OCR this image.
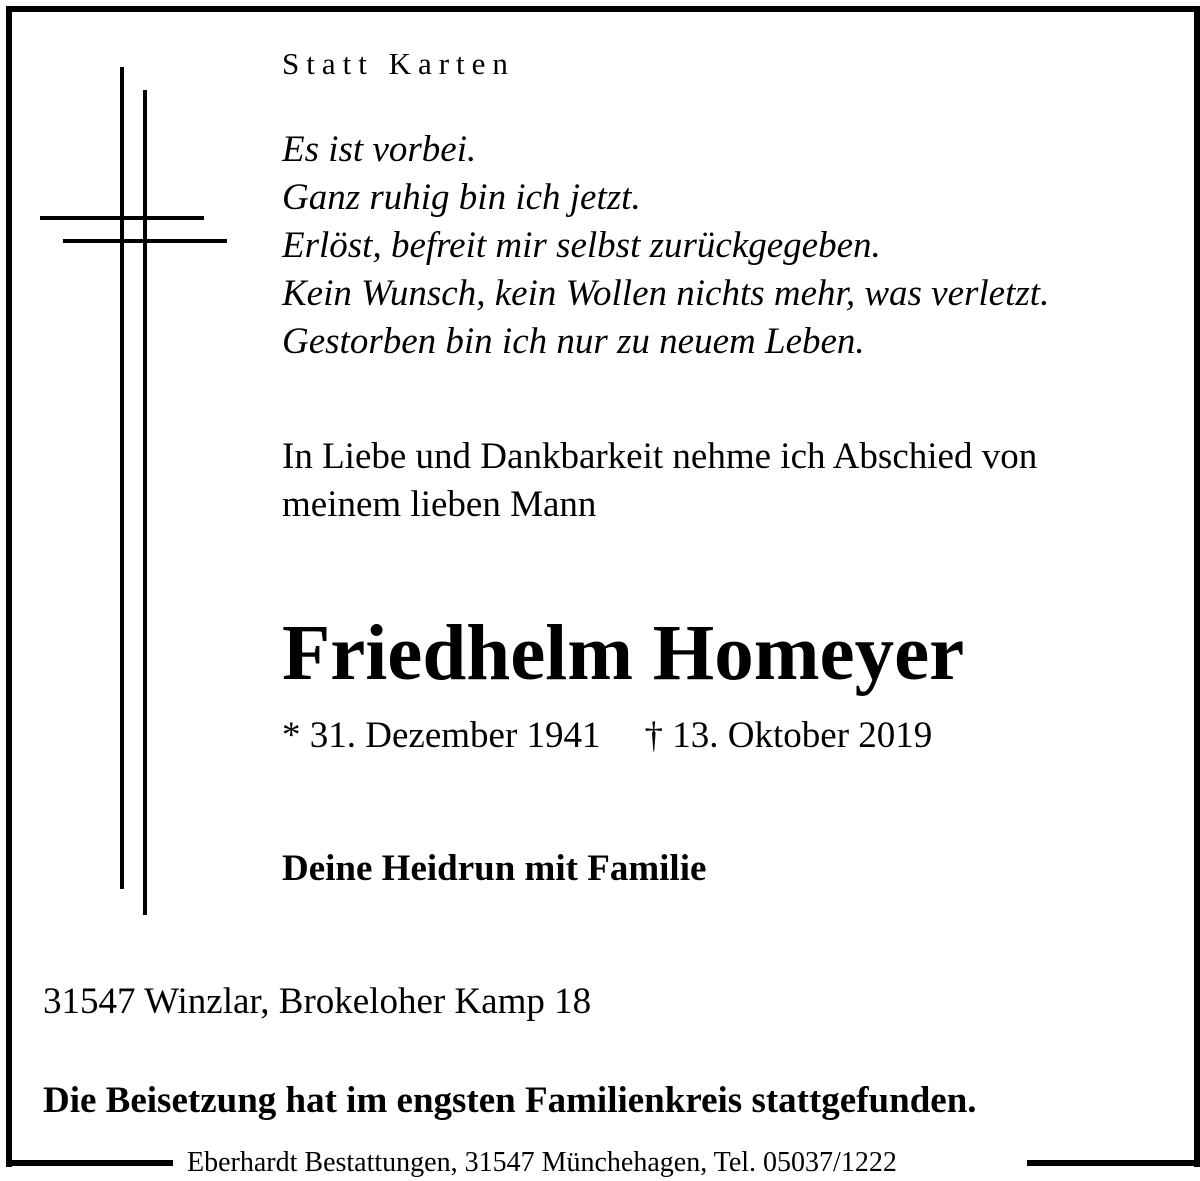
Statt Karten
Es ist vorbei.
Ganz ruhig bin ich jetzt.
Erlöst, befreit mir selbst zurückgegeben.
Kein Wunsch, kein Wollen nichts mehr, was verletzt.
Gestorben bin ich nur zu neuem Leben.
In Liebe und Dankbarkeit nehme ich Abschied von
meinem lieben Mann
Friedhelm Homeyer
* 31. Dezember 1941 † 13. Oktober 2019
Deine Heidrun mit Familie
31547 Winzlar, Brokeloher Kamp 18
Die Beisetzung hat im engsten Familienkreis stattgefunden.
Eberhardt Bestattungen, 31547 Münchehagen, Tel. 05037/1222
